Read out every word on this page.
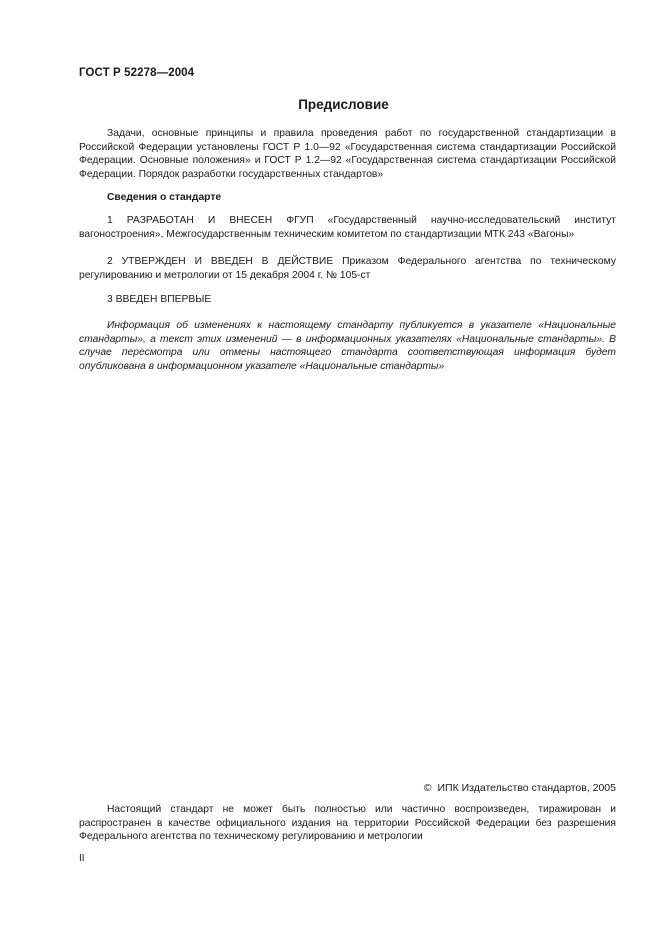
ГОСТ Р 52278—2004
Предисловие

Задачи, основные принципы и правила проведения работ по государственной стандартизации в Российской Федерации установлены ГОСТ Р 1.0—92 «Государственная система стандартизации Российской Федерации. Основные положения» и ГОСТ Р 1.2—92 «Государственная система стандартизации Российской Федерации. Порядок разработки государственных стандартов»

Сведения о стандарте

1 РАЗРАБОТАН И ВНЕСЕН ФГУП «Государственный научно-исследовательский институт вагоностроения», Межгосударственным техническим комитетом по стандартизации МТК 243 «Вагоны»

2 УТВЕРЖДЕН И ВВЕДЕН В ДЕЙСТВИЕ Приказом Федерального агентства по техническому регулированию и метрологии от 15 декабря 2004 г. № 105-ст

3 ВВЕДЕН ВПЕРВЫЕ

Информация об изменениях к настоящему стандарту публикуется в указателе «Национальные стандарты», а текст этих изменений — в информационных указателях «Национальные стандарты». В случае пересмотра или отмены настоящего стандарта соответствующая информация будет опубликована в информационном указателе «Национальные стандарты»

© ИПК Издательство стандартов, 2005

Настоящий стандарт не может быть полностью или частично воспроизведен, тиражирован и распространен в качестве официального издания на территории Российской Федерации без разрешения Федерального агентства по техническому регулированию и метрологии

II
